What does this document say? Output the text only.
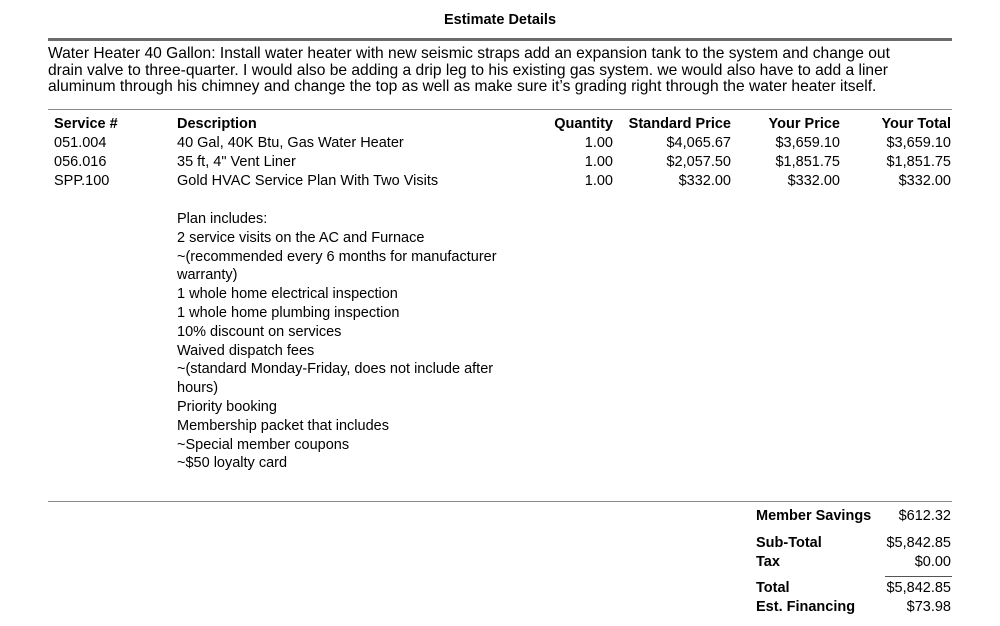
Estimate Details
Water Heater 40 Gallon: Install water heater with new seismic straps add an expansion tank to the system and change out
drain valve to three-quarter. I would also be adding a drip leg to his existing gas system. we would also have to add a liner
aluminum through his chimney and change the top as well as make sure it’s grading right through the water heater itself.
Service #	Description	Quantity	Standard Price	Your Price	Your Total
051.004	40 Gal, 40K Btu, Gas Water Heater	1.00	$4,065.67	$3,659.10	$3,659.10
056.016	35 ft, 4" Vent Liner	1.00	$2,057.50	$1,851.75	$1,851.75
SPP.100	Gold HVAC Service Plan With Two Visits	1.00	$332.00	$332.00	$332.00
Plan includes:
2 service visits on the AC and Furnace
~(recommended every 6 months for manufacturer
warranty)
1 whole home electrical inspection
1 whole home plumbing inspection
10% discount on services
Waived dispatch fees
~(standard Monday-Friday, does not include after
hours)
Priority booking
Membership packet that includes
~Special member coupons
~$50 loyalty card
Member Savings	$612.32
Sub-Total	$5,842.85
Tax	$0.00
Total	$5,842.85
Est. Financing	$73.98
